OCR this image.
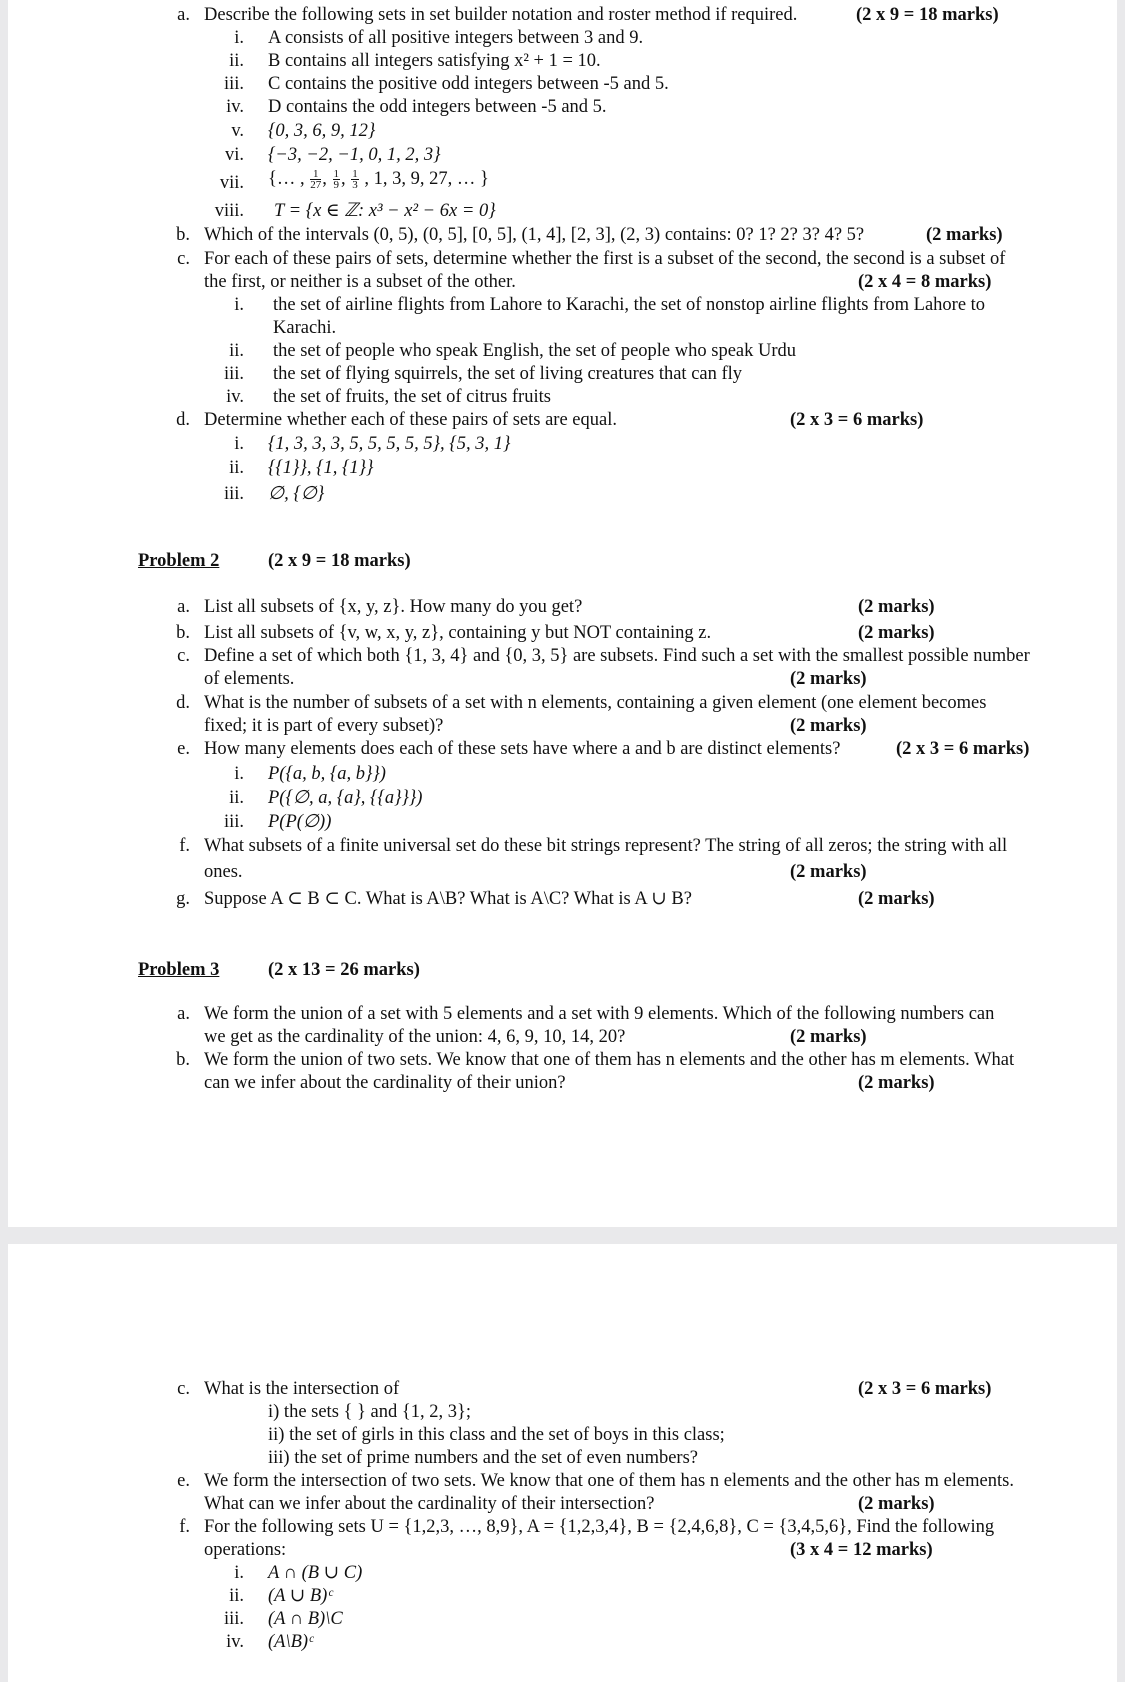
a. Describe the following sets in set builder notation and roster method if required.	(2 x 9 = 18 marks)
i. A consists of all positive integers between 3 and 9.
ii. B contains all integers satisfying x² + 1 = 10.
iii. C contains the positive odd integers between -5 and 5.
iv. D contains the odd integers between -5 and 5.
v. {0, 3, 6, 9, 12}
vi. {−3, −2, −1, 0, 1, 2, 3}
vii. {… , $\frac{1}{27}$ , $\frac{1}{9}$ , $\frac{1}{3}$ , 1, 3, 9, 27, … }
viii. T = {x ∈ ℤ: x³ − x² − 6x = 0}
b. Which of the intervals (0, 5), (0, 5], [0, 5], (1, 4], [2, 3], (2, 3) contains: 0? 1? 2? 3? 4? 5?	(2 marks)
c. For each of these pairs of sets, determine whether the first is a subset of the second, the second is a subset of
the first, or neither is a subset of the other.	(2 x 4 = 8 marks)
i. the set of airline flights from Lahore to Karachi, the set of nonstop airline flights from Lahore to
Karachi.
ii. the set of people who speak English, the set of people who speak Urdu
iii. the set of flying squirrels, the set of living creatures that can fly
iv. the set of fruits, the set of citrus fruits
d. Determine whether each of these pairs of sets are equal.	(2 x 3 = 6 marks)
i. {1, 3, 3, 3, 5, 5, 5, 5, 5}, {5, 3, 1}
ii. {{1}}, {1, {1}}
iii. ∅, {∅}
Problem 2	(2 x 9 = 18 marks)
a. List all subsets of {x, y, z}. How many do you get?	(2 marks)
b. List all subsets of {v, w, x, y, z}, containing y but NOT containing z.	(2 marks)
c. Define a set of which both {1, 3, 4} and {0, 3, 5} are subsets. Find such a set with the smallest possible number
of elements.	(2 marks)
d. What is the number of subsets of a set with n elements, containing a given element (one element becomes
fixed; it is part of every subset)?	(2 marks)
e. How many elements does each of these sets have where a and b are distinct elements?	(2 x 3 = 6 marks)
i. P({a, b, {a, b}})
ii. P({∅, a, {a}, {{a}}})
iii. P(P(∅))
f. What subsets of a finite universal set do these bit strings represent? The string of all zeros; the string with all
ones.	(2 marks)
g. Suppose A ⊂ B ⊂ C. What is A\B? What is A\C? What is A ∪ B?	(2 marks)
Problem 3	(2 x 13 = 26 marks)
a. We form the union of a set with 5 elements and a set with 9 elements. Which of the following numbers can
we get as the cardinality of the union: 4, 6, 9, 10, 14, 20?	(2 marks)
b. We form the union of two sets. We know that one of them has n elements and the other has m elements. What
can we infer about the cardinality of their union?	(2 marks)
c. What is the intersection of	(2 x 3 = 6 marks)
i) the sets { } and {1, 2, 3};
ii) the set of girls in this class and the set of boys in this class;
iii) the set of prime numbers and the set of even numbers?
e. We form the intersection of two sets. We know that one of them has n elements and the other has m elements.
What can we infer about the cardinality of their intersection?	(2 marks)
f. For the following sets U = {1,2,3, …, 8,9}, A = {1,2,3,4}, B = {2,4,6,8}, C = {3,4,5,6}, Find the following
operations:	(3 x 4 = 12 marks)
i. A ∩ (B ∪ C)
ii. (A ∪ B)ᶜ
iii. (A ∩ B)\C
iv. (A\B)ᶜ
